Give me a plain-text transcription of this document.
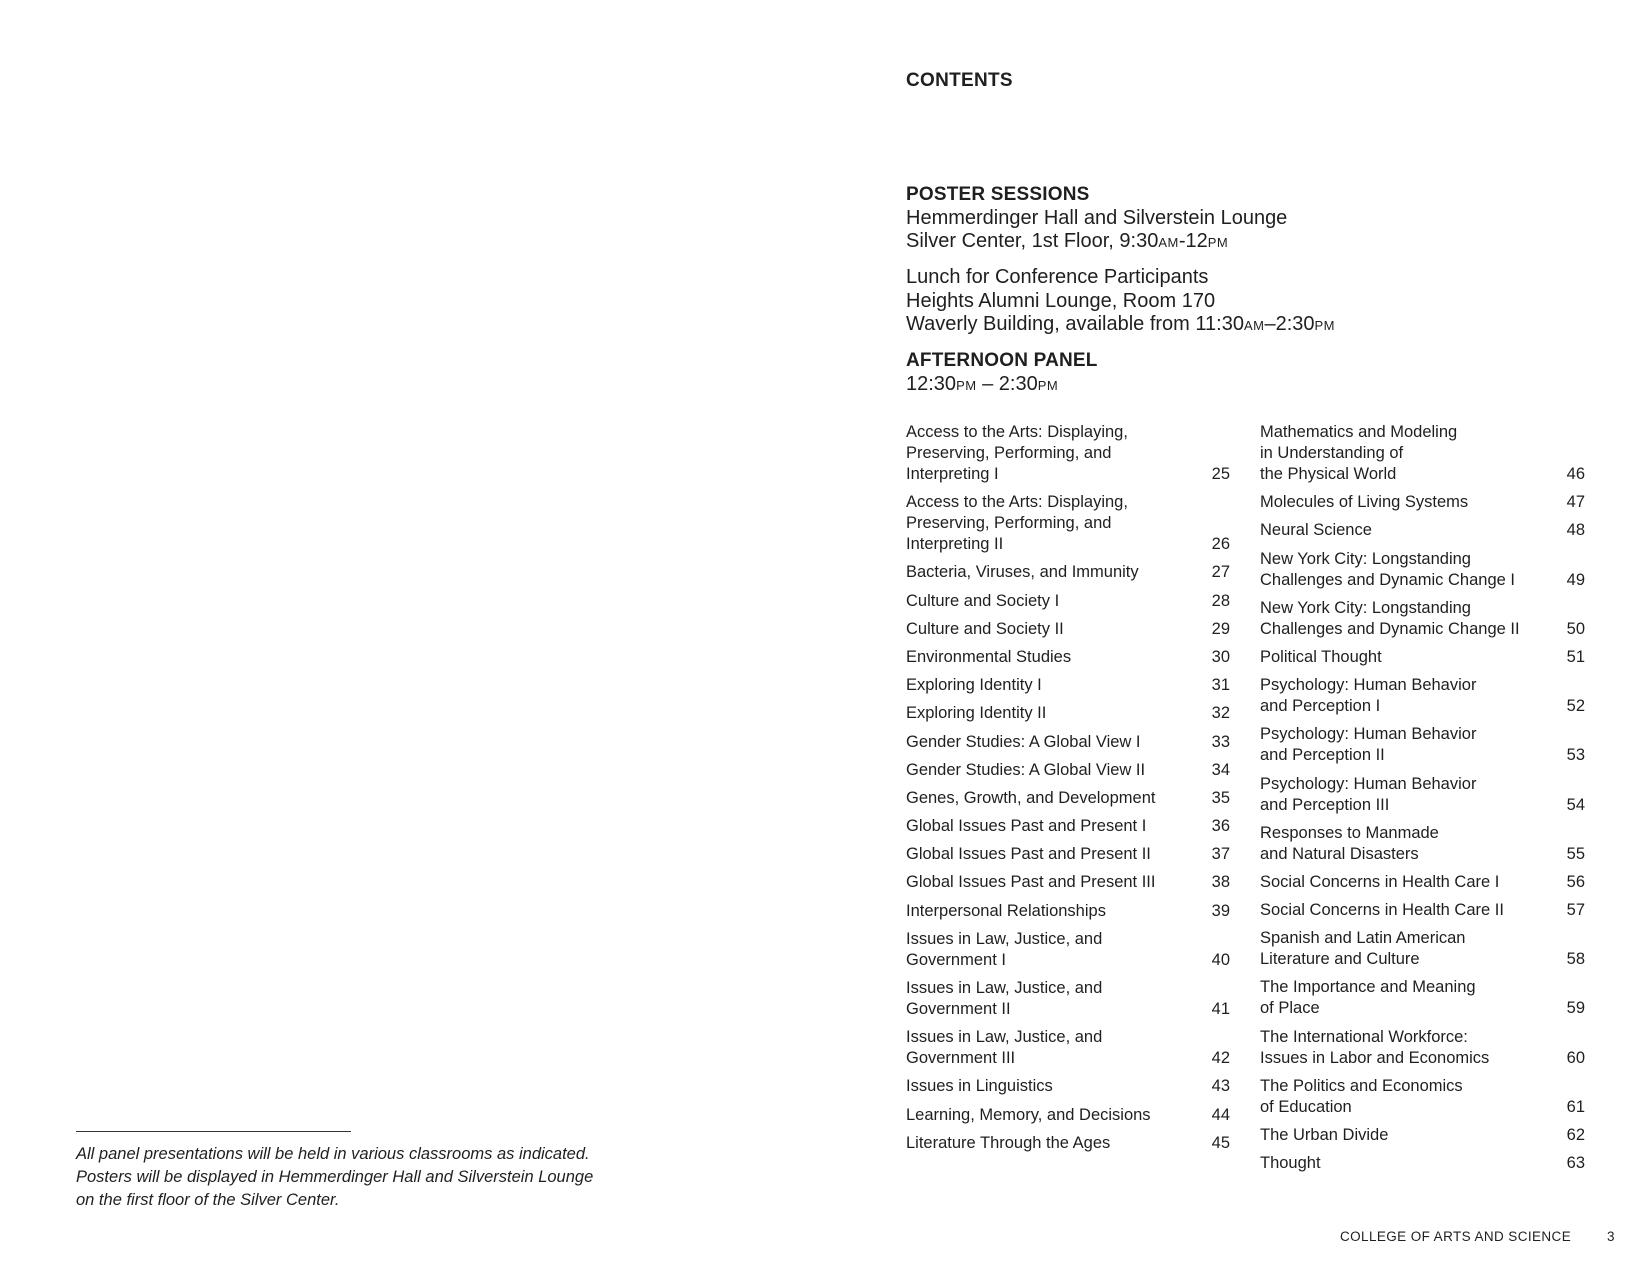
CONTENTS
POSTER SESSIONS
Hemmerdinger Hall and Silverstein Lounge
Silver Center, 1st Floor, 9:30AM-12PM
Lunch for Conference Participants
Heights Alumni Lounge, Room 170
Waverly Building, available from 11:30AM–2:30PM
AFTERNOON PANEL
12:30PM – 2:30PM
Access to the Arts: Displaying,
Preserving, Performing, and
Interpreting I	25
Access to the Arts: Displaying,
Preserving, Performing, and
Interpreting II	26
Bacteria, Viruses, and Immunity	27
Culture and Society I	28
Culture and Society II	29
Environmental Studies	30
Exploring Identity I	31
Exploring Identity II	32
Gender Studies: A Global View I	33
Gender Studies: A Global View II	34
Genes, Growth, and Development	35
Global Issues Past and Present I	36
Global Issues Past and Present II	37
Global Issues Past and Present III	38
Interpersonal Relationships	39
Issues in Law, Justice, and
Government I	40
Issues in Law, Justice, and
Government II	41
Issues in Law, Justice, and
Government III	42
Issues in Linguistics	43
Learning, Memory, and Decisions	44
Literature Through the Ages	45
Mathematics and Modeling
in Understanding of
the Physical World	46
Molecules of Living Systems	47
Neural Science	48
New York City: Longstanding
Challenges and Dynamic Change I	49
New York City: Longstanding
Challenges and Dynamic Change II	50
Political Thought	51
Psychology: Human Behavior
and Perception I	52
Psychology: Human Behavior
and Perception II	53
Psychology: Human Behavior
and Perception III	54
Responses to Manmade
and Natural Disasters	55
Social Concerns in Health Care I	56
Social Concerns in Health Care II	57
Spanish and Latin American
Literature and Culture	58
The Importance and Meaning
of Place	59
The International Workforce:
Issues in Labor and Economics	60
The Politics and Economics
of Education	61
The Urban Divide	62
Thought	63
All panel presentations will be held in various classrooms as indicated.
Posters will be displayed in Hemmerdinger Hall and Silverstein Lounge
on the first floor of the Silver Center.
COLLEGE OF ARTS AND SCIENCE	3
